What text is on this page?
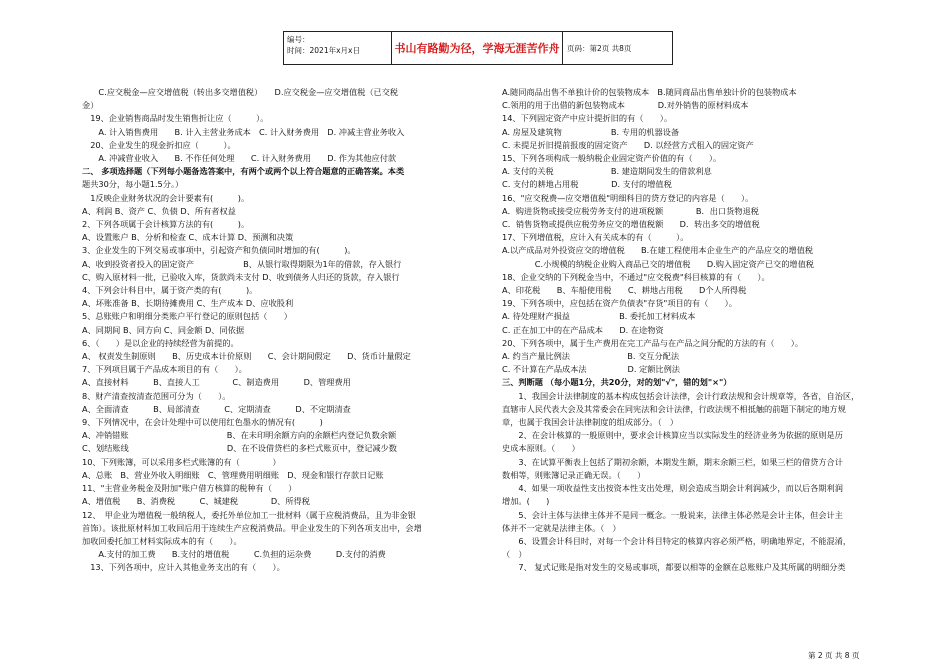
编号：
时间：2021年x月x日	书山有路勤为径，学海无涯苦作舟	页码：第2页 共8页
　　C.应交税金—应交增值税（转出多交增值税）　　D.应交税金—应交增值税（已交税
金）
　19、企业销售商品时发生销售折让应（　　　）。
　　A. 计入销售费用　　B. 计入主营业务成本　C. 计入财务费用　D. 冲减主营业务收入
　20、企业发生的现金折扣应（　　　）。
　　A. 冲减营业收入　　B. 不作任何处理　　C. 计入财务费用　　D. 作为其他应付款
二、 多项选择题（下列每小题备选答案中，有两个或两个以上符合题意的正确答案。本类
题共30分，每小题1.5分。）
　1反映企业财务状况的会计要素有(　　　)。
A、利润 B、资产 C、负债 D、所有者权益
2、下列各项属于会计核算方法的有(　　　)。
A、设置账户 B、分析和检查 C、成本计算 D、预测和决策
3、企业发生的下列交易或事项中，引起资产和负债同时增加的有(　　　)。
A、收到投资者投入的固定资产　　　　　　B、从银行取得期限为1年的借款，存入银行
C、购入原材料一批，已验收入库，货款尚未支付 D、收到债务人归还的货款，存入银行
4、下列会计科目中，属于资产类的有(　　　)。
A、坏账准备 B、长期待摊费用 C、生产成本 D、应收股利
5、总账账户和明细分类账户平行登记的原则包括（　　）
A、同期间 B、同方向 C、同金额 D、同依据
6、（　　）是以企业的持续经营为前提的。
A、 权责发生制原则　　B、历史成本计价原则　　C、会计期间假定　　D、货币计量假定
7、下列项目属于产品成本项目的有（　　）。
A、直接材料　　　B、直接人工　　　　C、制造费用　　　D、管理费用
8、财产清查按清查范围可分为（　　）。
A、全面清查　　　B、局部清查　　　C、定期清查　　　D、不定期清查
9、下列情况中，在会计处理中可以使用红色墨水的情况有(　　　)
A、冲销错账　　　　　　　　　　　　B、在未印明余额方向的余额栏内登记负数余额
C、划结账线　　　　　　　　　　　　D、在不设借贷栏的多栏式账页中，登记减少数
10、下列账簿，可以采用多栏式账簿的有（　　　　）
A、总账　B、营业外收入明细账　C、管理费用明细账　D、现金和银行存款日记账
11、"主营业务税金及附加"账户借方核算的税种有（　　）
A、增值税　　B、消费税　　　C、城建税　　　　D、所得税
12、　甲企业为增值税一般纳税人，委托外单位加工一批材料（属于应税消费品，且为非金银
首饰）。该批原材料加工收回后用于连续生产应税消费品。甲企业发生的下列各项支出中，会增
加收回委托加工材料实际成本的有（　　）。
　　A.支付的加工费　　B.支付的增值税　　　C.负担的运杂费　　　D.支付的消费
　13、下列各项中，应计入其他业务支出的有（　　）。
A.随同商品出售不单独计价的包装物成本　B.随同商品出售单独计价的包装物成本
C.领用的用于出借的新包装物成本　　　　D.对外销售的原材料成本
14、下列固定资产中应计提折旧的有（　　）。
A. 房屋及建筑物　　　　　　B. 专用的机器设备
C. 未提足折旧提前报废的固定资产　　D. 以经营方式租入的固定资产
15、下列各项构成一般纳税企业固定资产价值的有（　　）。
A. 支付的关税　　　　　　　B. 建造期间发生的借款利息
C. 支付的耕地占用税　　　　D. 支付的增值税
16、"应交税费—应交增值税"明细科目的贷方登记的内容是（　　）。
A．购进货物或接受应税劳务支付的进项税额　　　　B．出口货物退税
C．销售货物或提供应税劳务应交的增值税额　　D．转出多交的增值税
17、下列增值税，应计入有关成本的有（　　　）。
A.以产成品对外投资应交的增值税　　B.在建工程使用本企业生产的产品应交的增值税
　　　　C.小规模的纳税企业购入商品已交的增值税　　D.购入固定资产已交的增值税
18、企业交纳的下列税金当中，不通过"应交税费"科目核算的有（　　）。
A、印花税　　B、车船使用税　　C、耕地占用税　　D个人所得税
19、下列各项中，应包括在资产负债表"存货"项目的有（　　）。
A. 待处理财产损益　　　　　　B. 委托加工材料成本
C. 正在加工中的在产品成本　　D. 在途物资
20、下列各项中，属于生产费用在完工产品与在产品之间分配的方法的有（　　）。
A. 约当产量比例法　　　　　　　B. 交互分配法
C. 不计算在产品成本法　　　　　D. 定额比例法
三、判断题 （每小题1分，共20分，对的划"√"，错的划"×"）
　　1、我国会计法律制度的基本构成包括会计法律，会计行政法规和会计规章等，各省，自治区，
直辖市人民代表大会及其常委会在同宪法和会计法律，行政法规不相抵触的前题下制定的地方规
章，也属于我国会计法律制度的组成部分。（　）
　　2、在会计核算的一般原则中，要求会计核算应当以实际发生的经济业务为依据的原则是历
史成本原则。（　　）
　　3、在试算平衡表上包括了期初余额，本期发生额，期末余额三栏，如果三栏的借贷方合计
数相等，则账簿记录正确无误。（　　）
　　4、如果一项收益性支出按资本性支出处理，则会造成当期会计利润减少，而以后各期利润
增加。(　　)
　　5、会计主体与法律主体并不是同一概念。一般说来，法律主体必然是会计主体，但会计主
体并不一定就是法律主体。（　）
　　6、设置会计科目时，对每一个会计科目特定的核算内容必须严格，明确地界定，不能混淆，
（　）
　　7、 复式记账是指对发生的交易或事项，都要以相等的金额在总账账户及其所属的明细分类
第 2 页 共 8 页
